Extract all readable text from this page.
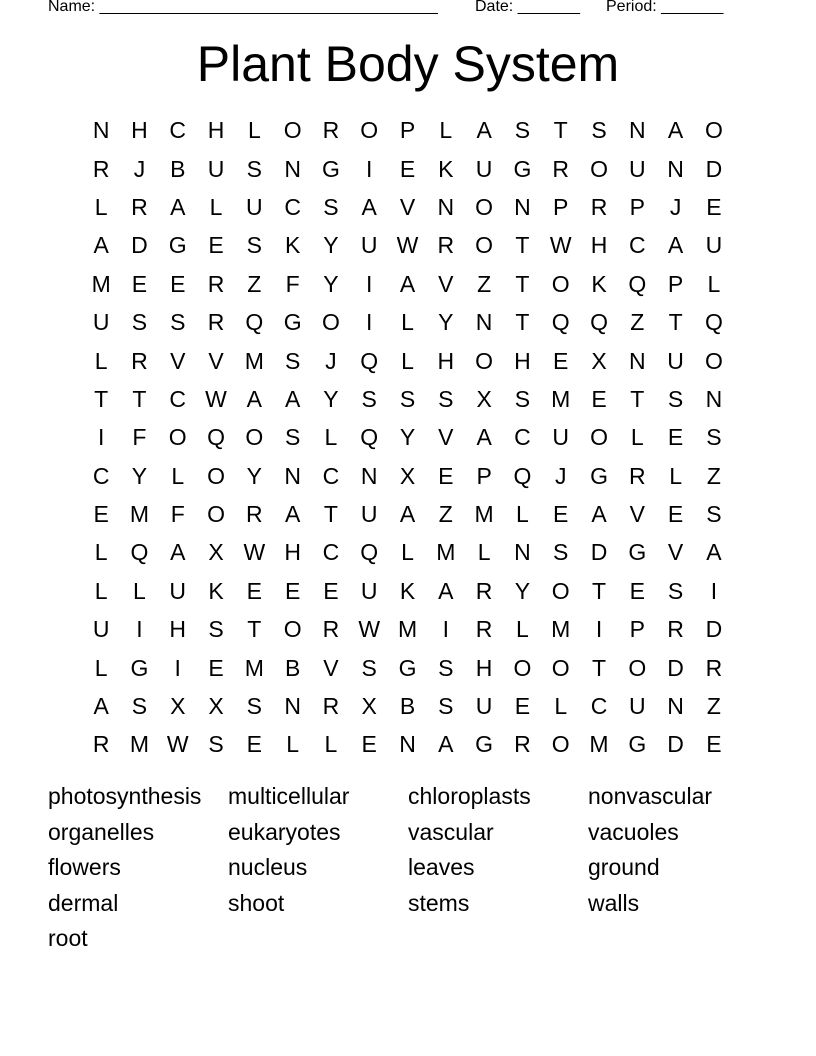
Name: ______________________________________ Date: _______ Period: _______
Plant Body System
N H C H	L O R O P	L	A S	T	S N A O
R	J	B U S N G	I	E K U G R O U N D
L	R A	L	U C S A V N O N P R P	J	E
A D G E S K Y U W R O T W H C A U
M E E R Z	F	Y	I	A V	Z	T O K Q P	L
U S S R Q G O	I	L	Y N T Q Q Z	T Q
L	R V V M S	J	Q L	H O H E X N U O
T	T C W A A Y S S S X S M E	T	S N
I	F O Q O S	L Q Y V A C U O L	E S
C Y	L O Y N C N X E P Q	J	G R	L	Z
E M F O R A	T U A	Z M L	E A V E S
L Q A X W H C Q L M L	N S D G V A
L	L	U K E E E U K A R Y O T	E S	I
U	I	H S	T O R W M	I	R	L M	I	P R D
L G	I	E M B V S G S H O O T O D R
A S X X S N R X B S U E	L	C U N Z
R M W S E	L	L	E N A G R O M G D E
photosynthesis	multicellular	chloroplasts	nonvascular
organelles	eukaryotes	vascular	vacuoles
flowers	nucleus	leaves	ground
dermal	shoot	stems	walls
root
